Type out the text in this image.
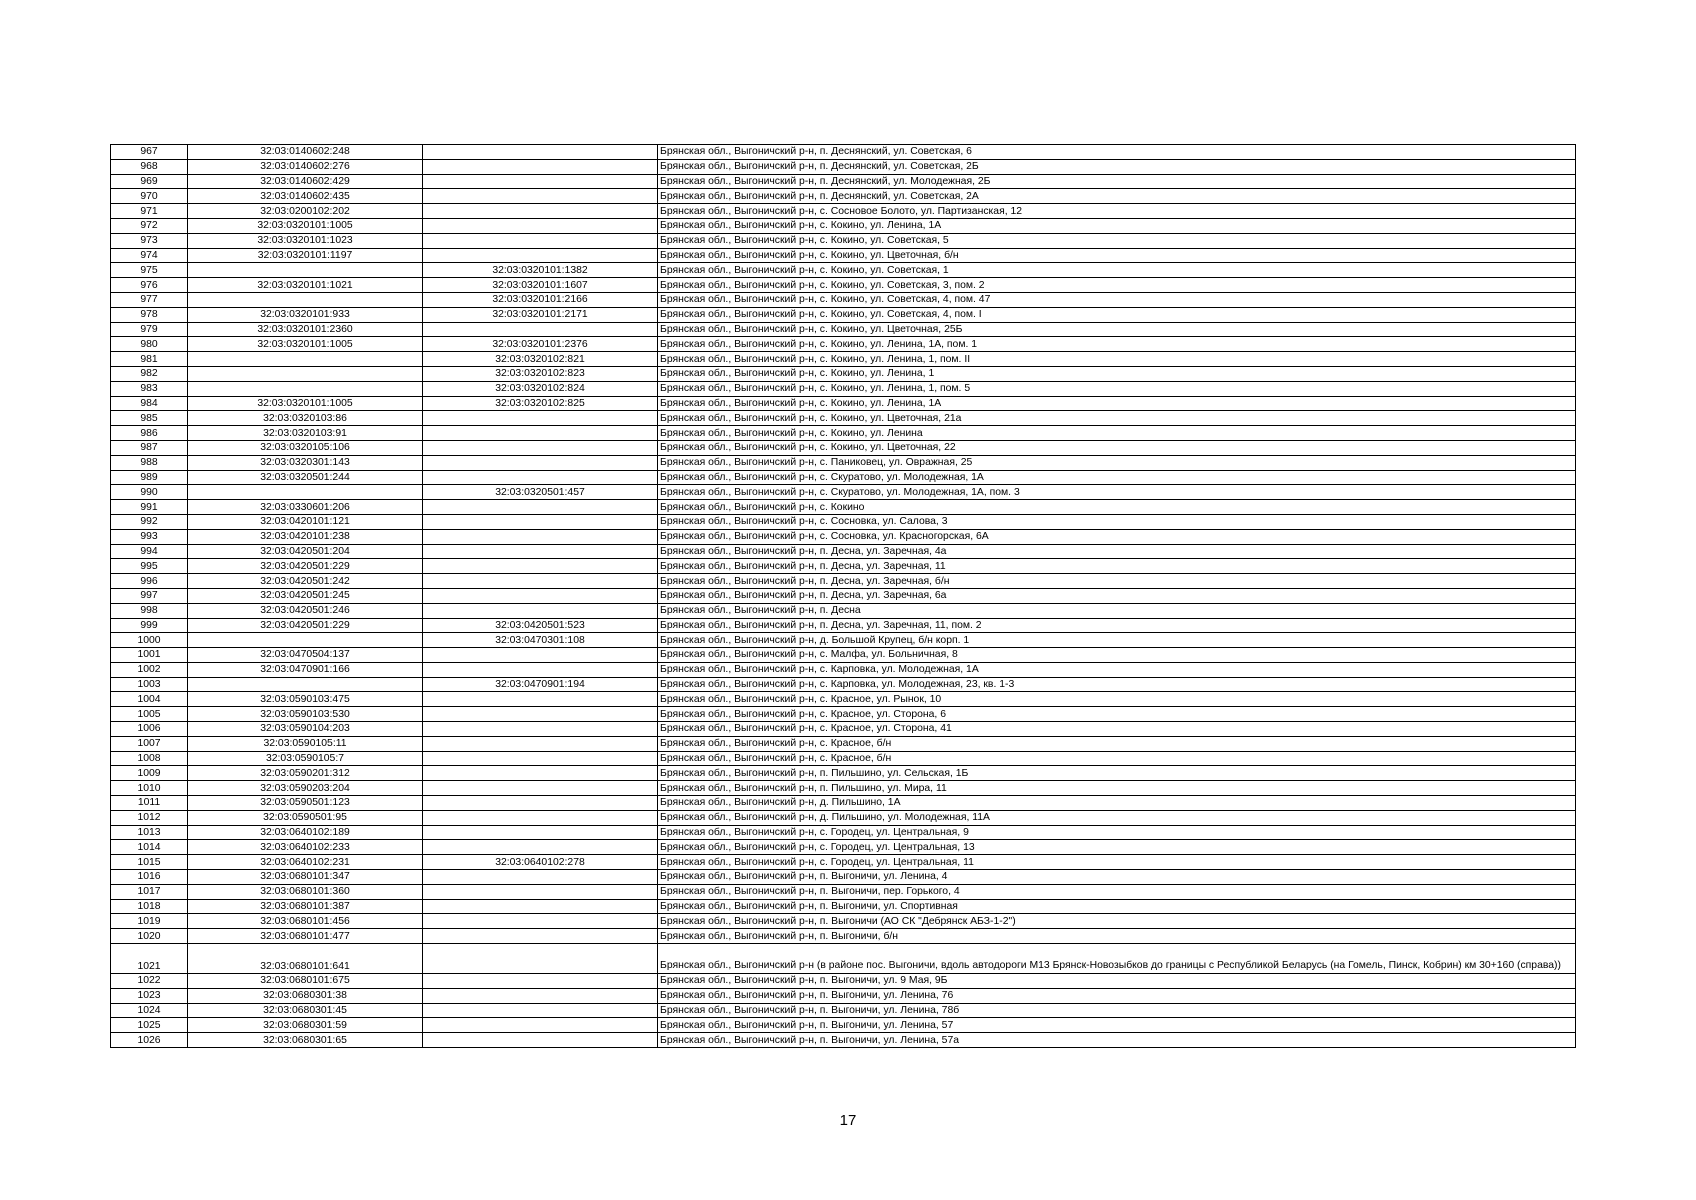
967	32:03:0140602:248		Брянская обл., Выгоничский р-н, п. Деснянский, ул. Советская, 6
968	32:03:0140602:276		Брянская обл., Выгоничский р-н, п. Деснянский, ул. Советская, 2Б
969	32:03:0140602:429		Брянская обл., Выгоничский р-н, п. Деснянский, ул. Молодежная, 2Б
970	32:03:0140602:435		Брянская обл., Выгоничский р-н, п. Деснянский, ул. Советская, 2А
971	32:03:0200102:202		Брянская обл., Выгоничский р-н, с. Сосновое Болото, ул. Партизанская, 12
972	32:03:0320101:1005		Брянская обл., Выгоничский р-н, с. Кокино, ул. Ленина, 1А
973	32:03:0320101:1023		Брянская обл., Выгоничский р-н, с. Кокино, ул. Советская, 5
974	32:03:0320101:1197		Брянская обл., Выгоничский р-н, с. Кокино, ул. Цветочная, б/н
975		32:03:0320101:1382	Брянская обл., Выгоничский р-н, с. Кокино, ул. Советская, 1
976	32:03:0320101:1021	32:03:0320101:1607	Брянская обл., Выгоничский р-н, с. Кокино, ул. Советская, 3, пом. 2
977		32:03:0320101:2166	Брянская обл., Выгоничский р-н, с. Кокино, ул. Советская, 4, пом. 47
978	32:03:0320101:933	32:03:0320101:2171	Брянская обл., Выгоничский р-н, с. Кокино, ул. Советская, 4, пом. I
979	32:03:0320101:2360		Брянская обл., Выгоничский р-н, с. Кокино, ул. Цветочная, 25Б
980	32:03:0320101:1005	32:03:0320101:2376	Брянская обл., Выгоничский р-н, с. Кокино, ул. Ленина, 1А, пом. 1
981		32:03:0320102:821	Брянская обл., Выгоничский р-н, с. Кокино, ул. Ленина, 1, пом. II
982		32:03:0320102:823	Брянская обл., Выгоничский р-н, с. Кокино, ул. Ленина, 1
983		32:03:0320102:824	Брянская обл., Выгоничский р-н, с. Кокино, ул. Ленина, 1, пом. 5
984	32:03:0320101:1005	32:03:0320102:825	Брянская обл., Выгоничский р-н, с. Кокино, ул. Ленина, 1А
985	32:03:0320103:86		Брянская обл., Выгоничский р-н, с. Кокино, ул. Цветочная, 21а
986	32:03:0320103:91		Брянская обл., Выгоничский р-н, с. Кокино, ул. Ленина
987	32:03:0320105:106		Брянская обл., Выгоничский р-н, с. Кокино, ул. Цветочная, 22
988	32:03:0320301:143		Брянская обл., Выгоничский р-н, с. Паниковец, ул. Овражная, 25
989	32:03:0320501:244		Брянская обл., Выгоничский р-н, с. Скуратово, ул. Молодежная, 1А
990		32:03:0320501:457	Брянская обл., Выгоничский р-н, с. Скуратово, ул. Молодежная, 1А, пом. 3
991	32:03:0330601:206		Брянская обл., Выгоничский р-н, с. Кокино
992	32:03:0420101:121		Брянская обл., Выгоничский р-н, с. Сосновка, ул. Салова, 3
993	32:03:0420101:238		Брянская обл., Выгоничский р-н, с. Сосновка, ул. Красногорская, 6А
994	32:03:0420501:204		Брянская обл., Выгоничский р-н, п. Десна, ул. Заречная, 4а
995	32:03:0420501:229		Брянская обл., Выгоничский р-н, п. Десна, ул. Заречная, 11
996	32:03:0420501:242		Брянская обл., Выгоничский р-н, п. Десна, ул. Заречная, б/н
997	32:03:0420501:245		Брянская обл., Выгоничский р-н, п. Десна, ул. Заречная, 6а
998	32:03:0420501:246		Брянская обл., Выгоничский р-н, п. Десна
999	32:03:0420501:229	32:03:0420501:523	Брянская обл., Выгоничский р-н, п. Десна, ул. Заречная, 11, пом. 2
1000		32:03:0470301:108	Брянская обл., Выгоничский р-н, д. Большой Крупец, б/н корп. 1
1001	32:03:0470504:137		Брянская обл., Выгоничский р-н, с. Малфа, ул. Больничная, 8
1002	32:03:0470901:166		Брянская обл., Выгоничский р-н, с. Карповка, ул. Молодежная, 1А
1003		32:03:0470901:194	Брянская обл., Выгоничский р-н, с. Карповка, ул. Молодежная, 23, кв. 1-3
1004	32:03:0590103:475		Брянская обл., Выгоничский р-н, с. Красное, ул. Рынок, 10
1005	32:03:0590103:530		Брянская обл., Выгоничский р-н, с. Красное, ул. Сторона, 6
1006	32:03:0590104:203		Брянская обл., Выгоничский р-н, с. Красное, ул. Сторона, 41
1007	32:03:0590105:11		Брянская обл., Выгоничский р-н, с. Красное, б/н
1008	32:03:0590105:7		Брянская обл., Выгоничский р-н, с. Красное, б/н
1009	32:03:0590201:312		Брянская обл., Выгоничский р-н, п. Пильшино, ул. Сельская, 1Б
1010	32:03:0590203:204		Брянская обл., Выгоничский р-н, п. Пильшино, ул. Мира, 11
1011	32:03:0590501:123		Брянская обл., Выгоничский р-н, д. Пильшино, 1А
1012	32:03:0590501:95		Брянская обл., Выгоничский р-н, д. Пильшино, ул. Молодежная, 11А
1013	32:03:0640102:189		Брянская обл., Выгоничский р-н, с. Городец, ул. Центральная, 9
1014	32:03:0640102:233		Брянская обл., Выгоничский р-н, с. Городец, ул. Центральная, 13
1015	32:03:0640102:231	32:03:0640102:278	Брянская обл., Выгоничский р-н, с. Городец, ул. Центральная, 11
1016	32:03:0680101:347		Брянская обл., Выгоничский р-н, п. Выгоничи, ул. Ленина, 4
1017	32:03:0680101:360		Брянская обл., Выгоничский р-н, п. Выгоничи, пер. Горького, 4
1018	32:03:0680101:387		Брянская обл., Выгоничский р-н, п. Выгоничи, ул. Спортивная
1019	32:03:0680101:456		Брянская обл., Выгоничский р-н, п. Выгоничи (АО СК "Дебрянск АБЗ-1-2")
1020	32:03:0680101:477		Брянская обл., Выгоничский р-н, п. Выгоничи, б/н
1021	32:03:0680101:641		Брянская обл., Выгоничский р-н (в районе пос. Выгоничи, вдоль автодороги М13 Брянск-Новозыбков до границы с Республикой Беларусь (на Гомель, Пинск, Кобрин) км 30+160 (справа))
1022	32:03:0680101:675		Брянская обл., Выгоничский р-н, п. Выгоничи, ул. 9 Мая, 9Б
1023	32:03:0680301:38		Брянская обл., Выгоничский р-н, п. Выгоничи, ул. Ленина, 76
1024	32:03:0680301:45		Брянская обл., Выгоничский р-н, п. Выгоничи, ул. Ленина, 78б
1025	32:03:0680301:59		Брянская обл., Выгоничский р-н, п. Выгоничи, ул. Ленина, 57
1026	32:03:0680301:65		Брянская обл., Выгоничский р-н, п. Выгоничи, ул. Ленина, 57а
17
